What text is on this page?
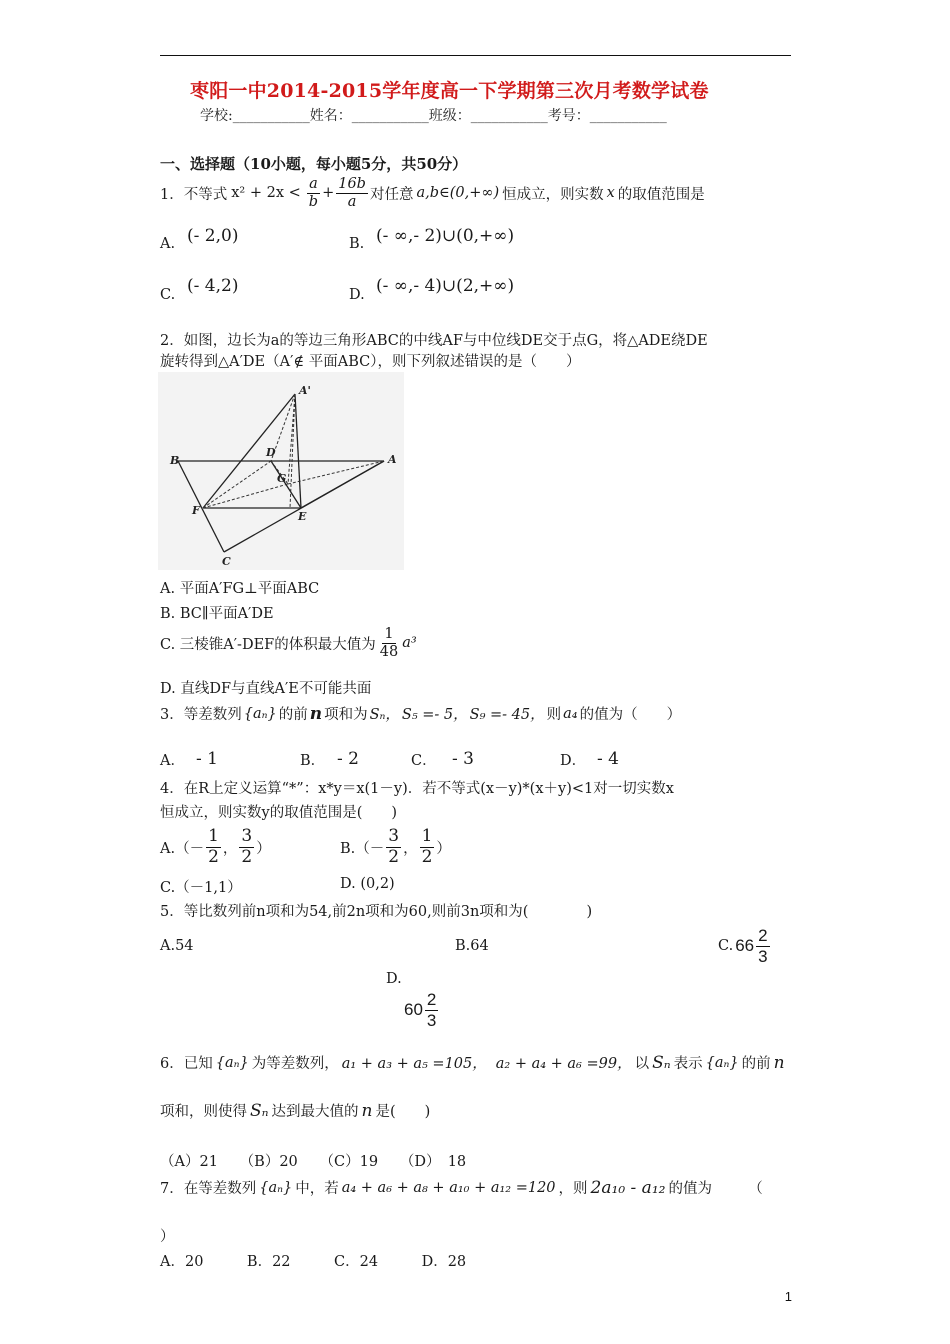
枣阳一中2014-2015学年度高一下学期第三次月考数学试卷
学校:___________姓名：___________班级：___________考号：___________
一、选择题（10小题，每小题5分，共50分）
1．不等式 $x^2 + 2x < \frac{a}{b} + \frac{16b}{a}$ 对任意 a,b∈(0,+∞) 恒成立，则实数 x 的取值范围是
A. (- 2,0)	B. (- ∞,- 2)∪(0,+∞)
C. (- 4,2)	D. (- ∞,- 4)∪(2,+∞)
2．如图，边长为a的等边三角形ABC的中线AF与中位线DE交于点G，将△ADE绕DE
旋转得到△A′DE（A′∉ 平面ABC），则下列叙述错误的是（　　）
A'
A
B
C
D
E
F
G
A. 平面A′FG⊥平面ABC
B. BC∥平面A′DE
C. 三棱锥A′-DEF的体积最大值为 $\frac{1}{48} a^3$
D. 直线DF与直线A′E不可能共面
3．等差数列 {aₙ} 的前 n 项和为 Sₙ， S₅ =- 5， S₉ =- 45， 则 a₄ 的值为（　　）
A． - 1	B． - 2	C． - 3	D． - 4
4．在R上定义运算“*”：x*y＝x(1－y)．若不等式(x－y)*(x＋y)<1对一切实数x
恒成立，则实数y的取值范围是(　　)
$A.(- \frac{1}{2}$ ， $\frac{3}{2}$ ）	$B.(- \frac{3}{2}$ ， $\frac{1}{2}$ ）
C.（－1,1）	D. (0,2)
5．等比数列前n项和为54,前2n项和为60,则前3n项和为(　　　　)
A.54	B.64	C. $66 \frac{2}{3}$
D.
$60 \frac{2}{3}$
6．已知 {aₙ} 为等差数列， a₁ + a₃ + a₅ =105， a₂ + a₄ + a₆ =99， 以 Sₙ 表示 {aₙ} 的前 n
项和，则使得 Sₙ 达到最大值的 n 是(　　)
（A）21　　（B）20　　（C）19　　（D）　18
7．在等差数列 {aₙ} 中，若 a₄ + a₆ + a₈ + a₁₀ + a₁₂ =120 ，则 2a₁₀ - a₁₂ 的值为　　　（
）
A．20　　　B．22　　　C．24　　　D．28
1
